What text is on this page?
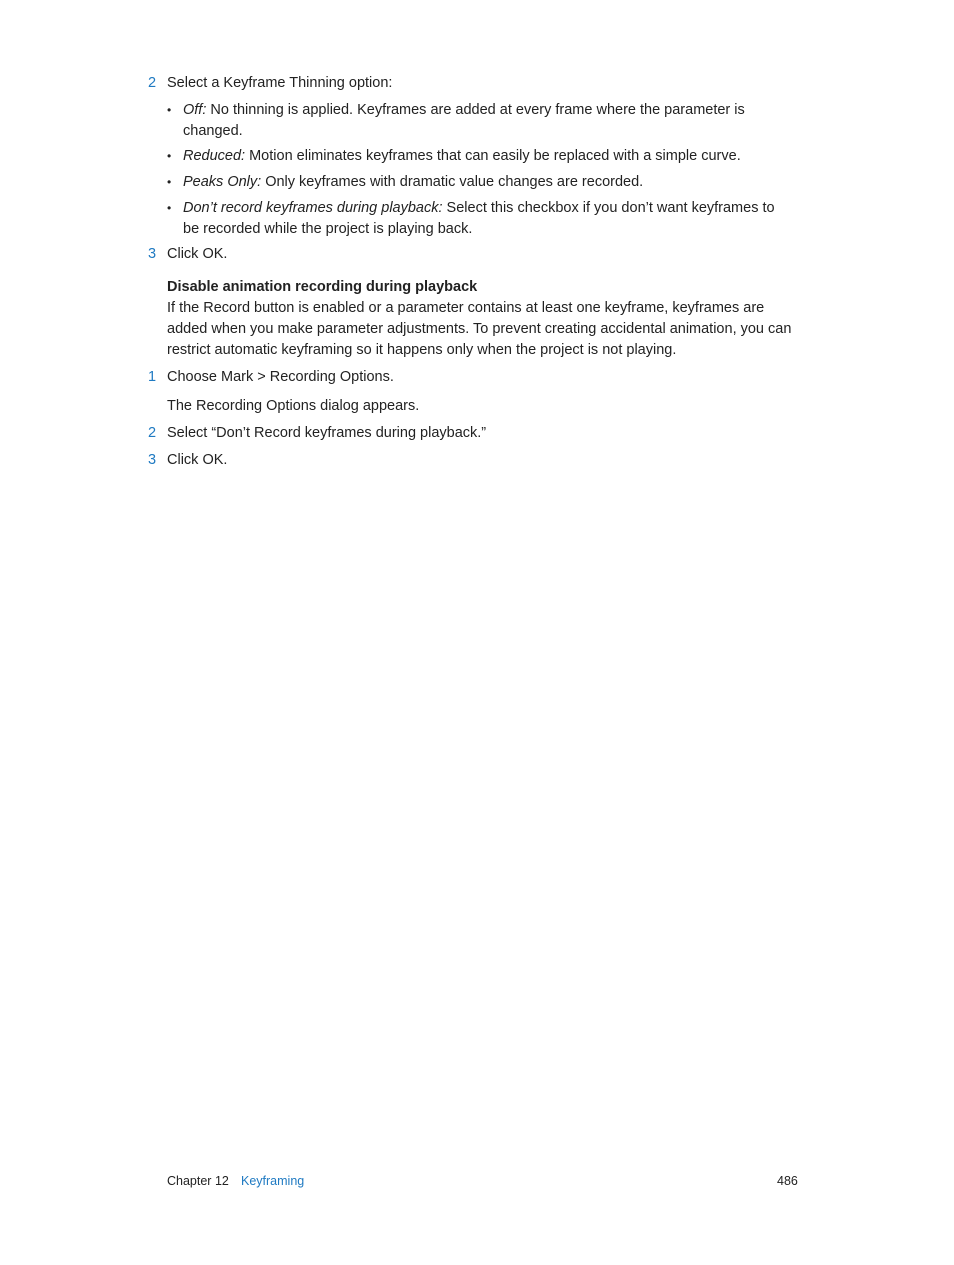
2 Select a Keyframe Thinning option:
• Off: No thinning is applied. Keyframes are added at every frame where the parameter is changed.
• Reduced: Motion eliminates keyframes that can easily be replaced with a simple curve.
• Peaks Only: Only keyframes with dramatic value changes are recorded.
• Don’t record keyframes during playback: Select this checkbox if you don’t want keyframes to be recorded while the project is playing back.
3 Click OK.
Disable animation recording during playback
If the Record button is enabled or a parameter contains at least one keyframe, keyframes are added when you make parameter adjustments. To prevent creating accidental animation, you can restrict automatic keyframing so it happens only when the project is not playing.
1 Choose Mark > Recording Options.
The Recording Options dialog appears.
2 Select “Don’t Record keyframes during playback.”
3 Click OK.
Chapter 12 Keyframing	486
